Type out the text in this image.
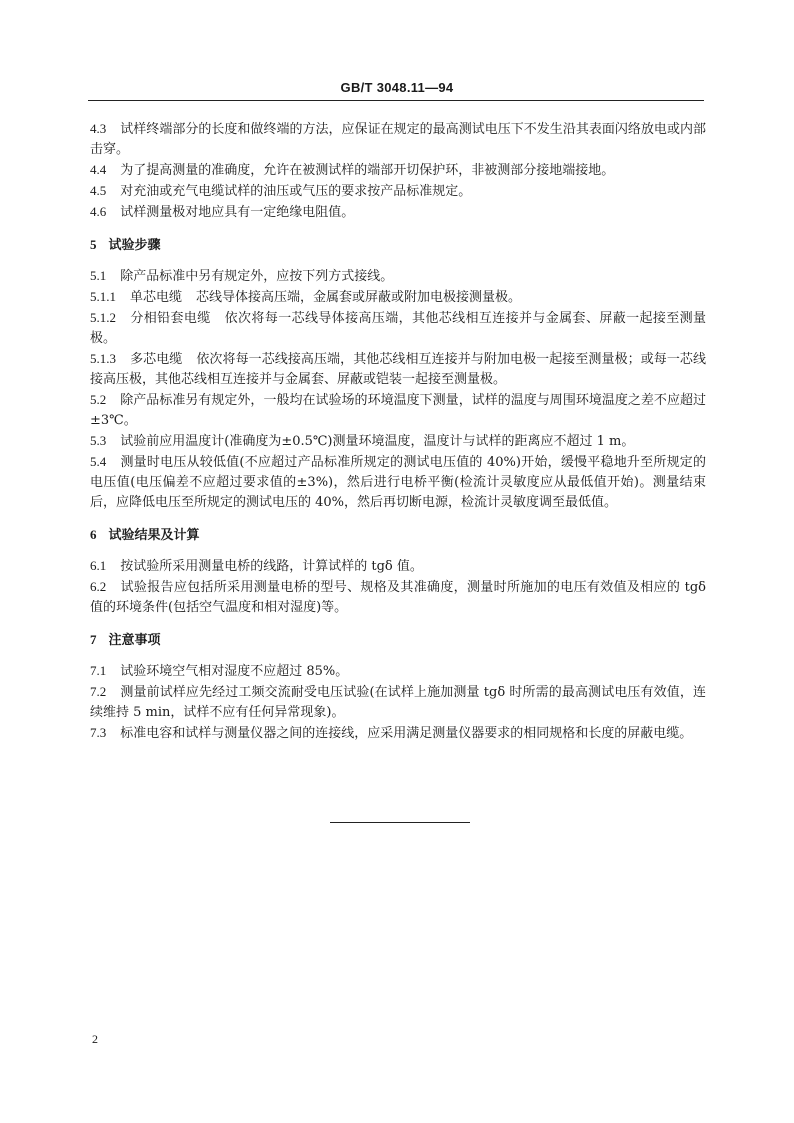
GB/T 3048.11—94

4.3 试样终端部分的长度和做终端的方法，应保证在规定的最高测试电压下不发生沿其表面闪络放电或内部击穿。

4.4 为了提高测量的准确度，允许在被测试样的端部开切保护环，非被测部分接地端接地。

4.5 对充油或充气电缆试样的油压或气压的要求按产品标准规定。

4.6 试样测量极对地应具有一定绝缘电阻值。

5 试验步骤

5.1 除产品标准中另有规定外，应按下列方式接线。

5.1.1 单芯电缆 芯线导体接高压端，金属套或屏蔽或附加电极接测量极。

5.1.2 分相铅套电缆 依次将每一芯线导体接高压端，其他芯线相互连接并与金属套、屏蔽一起接至测量极。

5.1.3 多芯电缆 依次将每一芯线接高压端，其他芯线相互连接并与附加电极一起接至测量极；或每一芯线接高压极，其他芯线相互连接并与金属套、屏蔽或铠装一起接至测量极。

5.2 除产品标准另有规定外，一般均在试验场的环境温度下测量，试样的温度与周围环境温度之差不应超过±3℃。

5.3 试验前应用温度计(准确度为±0.5℃)测量环境温度，温度计与试样的距离应不超过 1 m。

5.4 测量时电压从较低值(不应超过产品标准所规定的测试电压值的 40%)开始，缓慢平稳地升至所规定的电压值(电压偏差不应超过要求值的±3%)，然后进行电桥平衡(检流计灵敏度应从最低值开始)。测量结束后，应降低电压至所规定的测试电压的 40%，然后再切断电源，检流计灵敏度调至最低值。

6 试验结果及计算

6.1 按试验所采用测量电桥的线路，计算试样的 tgδ 值。

6.2 试验报告应包括所采用测量电桥的型号、规格及其准确度，测量时所施加的电压有效值及相应的 tgδ 值的环境条件(包括空气温度和相对湿度)等。

7 注意事项

7.1 试验环境空气相对湿度不应超过 85%。

7.2 测量前试样应先经过工频交流耐受电压试验(在试样上施加测量 tgδ 时所需的最高测试电压有效值，连续维持 5 min，试样不应有任何异常现象)。

7.3 标准电容和试样与测量仪器之间的连接线，应采用满足测量仪器要求的相同规格和长度的屏蔽电缆。

2
